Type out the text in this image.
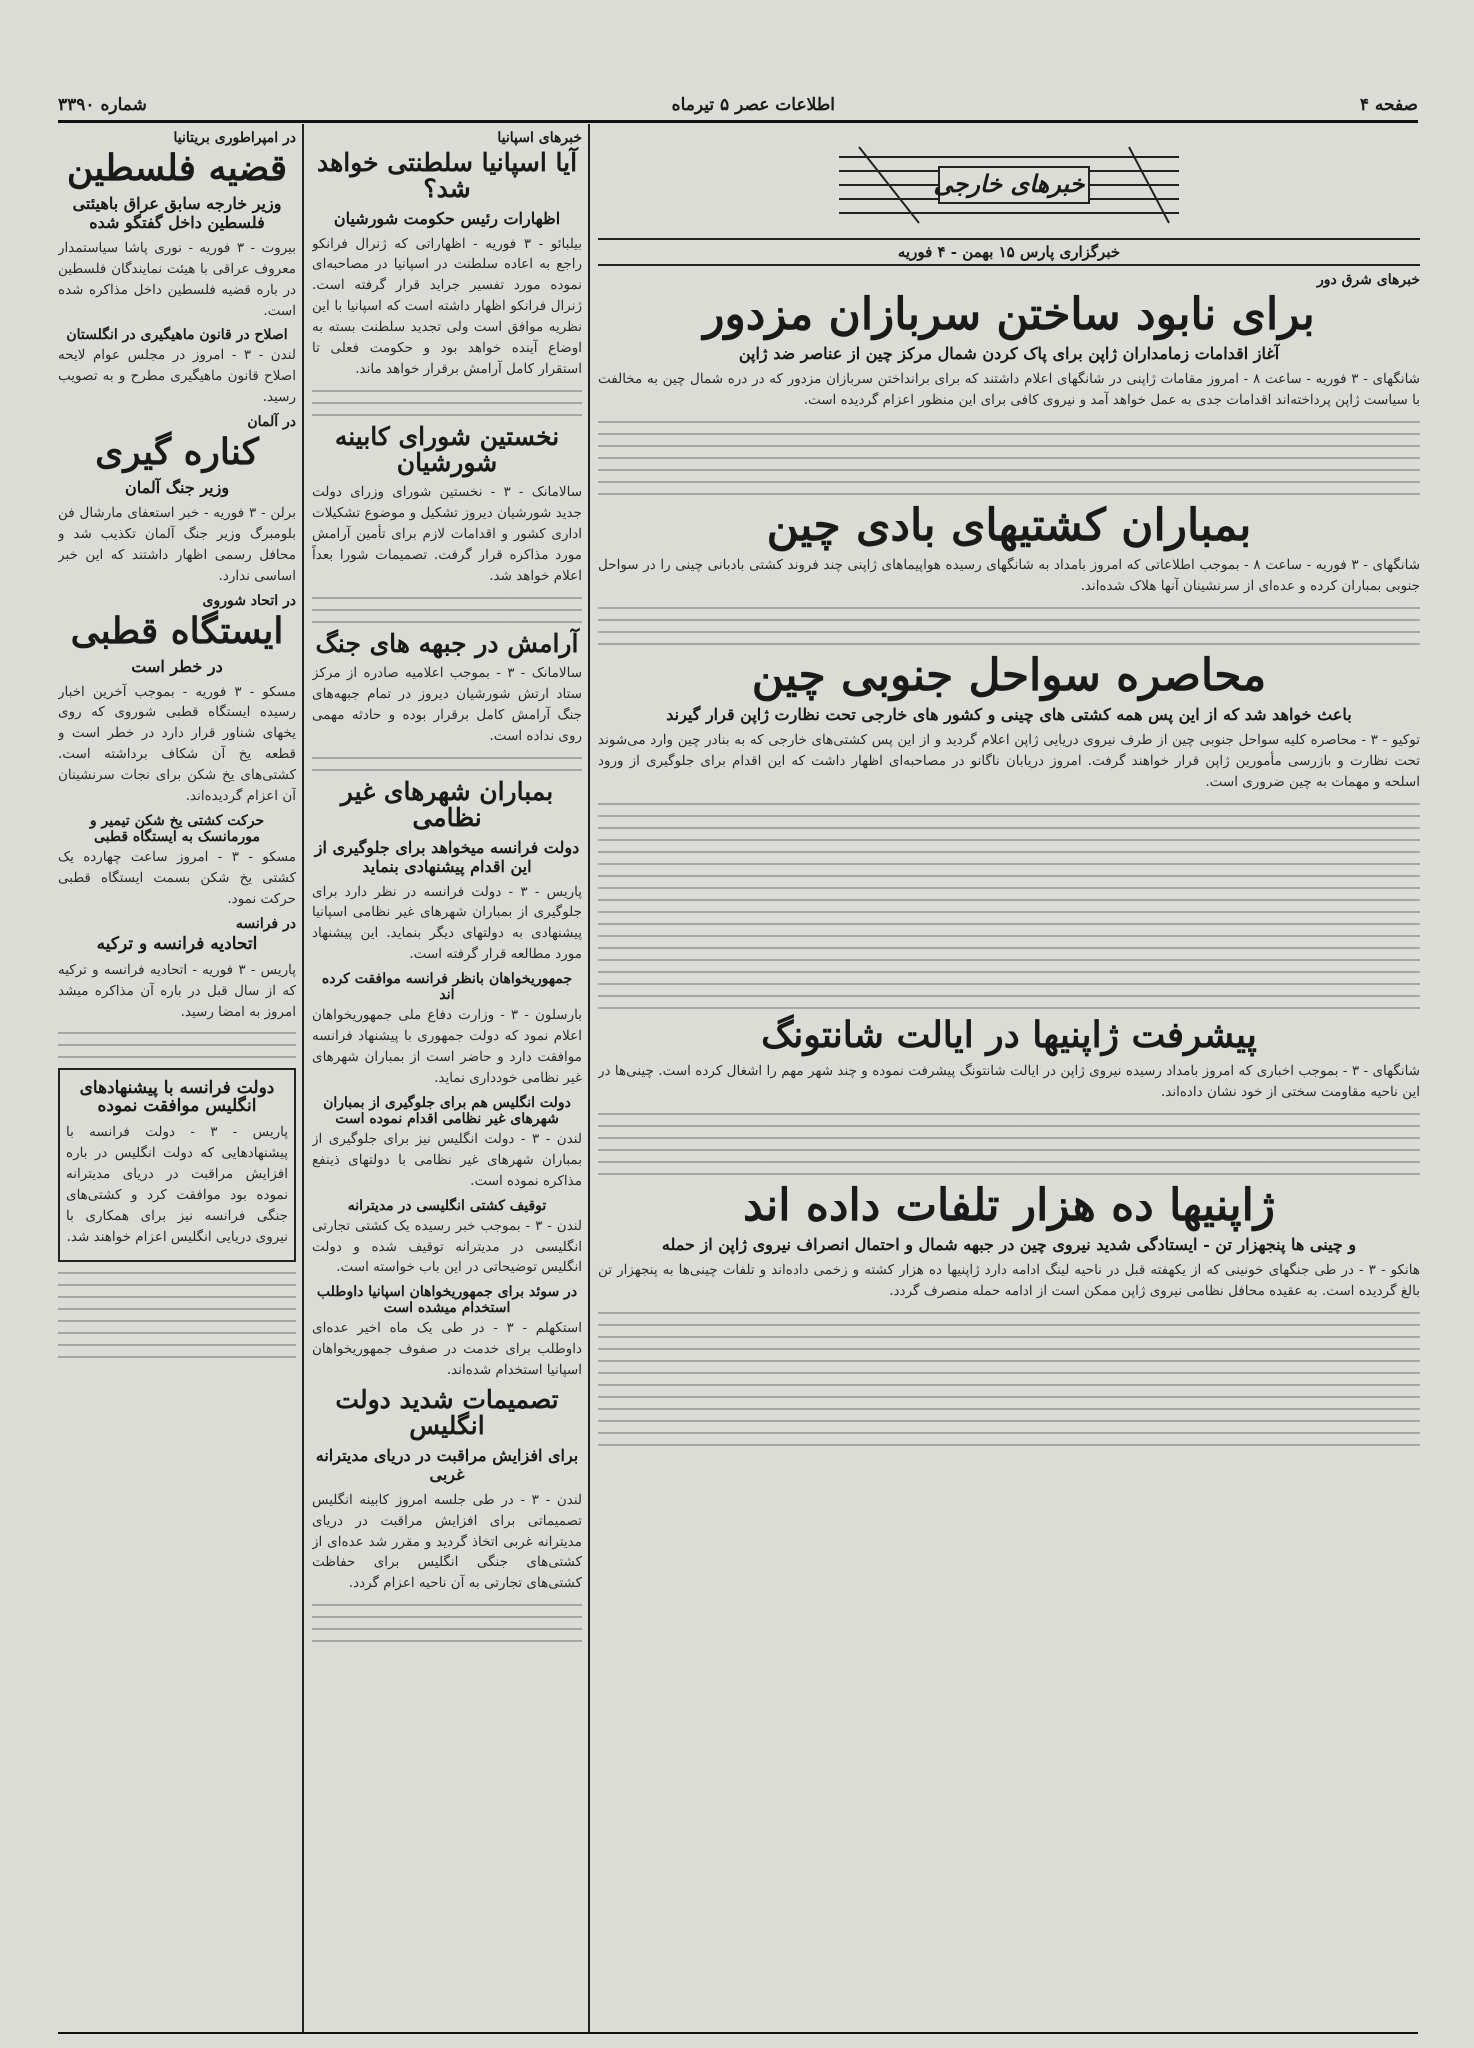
صفحه ۴
اطلاعات عصر ۵ تیرماه
شماره ۳۳۹۰
خبرهای خارجی
خبرگزاری پارس ۱۵ بهمن - ۴ فوریه
خبرهای شرق دور
برای نابود ساختن سربازان مزدور
آغاز اقدامات زمامداران ژاپن برای پاک کردن شمال مرکز چین از عناصر ضد ژاپن

شانگهای - ۳ فوریه - ساعت ۸ - امروز مقامات ژاپنی در شانگهای اعلام داشتند که برای برانداختن سربازان مزدور که در دره شمال چین به مخالفت با سیاست ژاپن پرداخته‌اند اقدامات جدی به عمل خواهد آمد و نیروی کافی برای این منظور اعزام گردیده است.

بمباران کشتیهای بادی چین

شانگهای - ۳ فوریه - ساعت ۸ - بموجب اطلاعاتی که امروز بامداد به شانگهای رسیده هواپیماهای ژاپنی چند فروند کشتی بادبانی چینی را در سواحل جنوبی بمباران کرده و عده‌ای از سرنشینان آنها هلاک شده‌اند.

محاصره سواحل جنوبی چین
باعث خواهد شد که از این پس همه کشتی های چینی و کشور های خارجی تحت نظارت ژاپن قرار گیرند

توکیو - ۳ - محاصره کلیه سواحل جنوبی چین از طرف نیروی دریایی ژاپن اعلام گردید و از این پس کشتی‌های خارجی که به بنادر چین وارد می‌شوند تحت نظارت و بازرسی مأمورین ژاپن قرار خواهند گرفت. امروز دریابان ناگانو در مصاحبه‌ای اظهار داشت که این اقدام برای جلوگیری از ورود اسلحه و مهمات به چین ضروری است.

پیشرفت ژاپنیها در ایالت شانتونگ

شانگهای - ۳ - بموجب اخباری که امروز بامداد رسیده نیروی ژاپن در ایالت شانتونگ پیشرفت نموده و چند شهر مهم را اشغال کرده است. چینی‌ها در این ناحیه مقاومت سختی از خود نشان داده‌اند.

ژاپنیها ده هزار تلفات داده اند
و چینی ها پنجهزار تن - ایستادگی شدید نیروی چین در جبهه شمال و احتمال انصراف نیروی ژاپن از حمله

هانکو - ۳ - در طی جنگهای خونینی که از یکهفته قبل در ناحیه لینگ ادامه دارد ژاپنیها ده هزار کشته و زخمی داده‌اند و تلفات چینی‌ها به پنجهزار تن بالغ گردیده است. به عقیده محافل نظامی نیروی ژاپن ممکن است از ادامه حمله منصرف گردد.

خبرهای اسپانیا
آیا اسپانیا سلطنتی خواهد شد؟
اظهارات رئیس حکومت شورشیان

بیلبائو - ۳ فوریه - اظهاراتی که ژنرال فرانکو راجع به اعاده سلطنت در اسپانیا در مصاحبه‌ای نموده مورد تفسیر جراید قرار گرفته است. ژنرال فرانکو اظهار داشته است که اسپانیا با این نظریه موافق است ولی تجدید سلطنت بسته به اوضاع آینده خواهد بود و حکومت فعلی تا استقرار کامل آرامش برقرار خواهد ماند.

نخستین شورای کابینه شورشیان

سالامانک - ۳ - نخستین شورای وزرای دولت جدید شورشیان دیروز تشکیل و موضوع تشکیلات اداری کشور و اقدامات لازم برای تأمین آرامش مورد مذاکره قرار گرفت. تصمیمات شورا بعداً اعلام خواهد شد.

آرامش در جبهه های جنگ

سالامانک - ۳ - بموجب اعلامیه صادره از مرکز ستاد ارتش شورشیان دیروز در تمام جبهه‌های جنگ آرامش کامل برقرار بوده و حادثه مهمی روی نداده است.

بمباران شهرهای غیر نظامی
دولت فرانسه میخواهد برای جلوگیری از این اقدام پیشنهادی بنماید

پاریس - ۳ - دولت فرانسه در نظر دارد برای جلوگیری از بمباران شهرهای غیر نظامی اسپانیا پیشنهادی به دولتهای دیگر بنماید. این پیشنهاد مورد مطالعه قرار گرفته است.

جمهوریخواهان بانظر فرانسه موافقت کرده اند

بارسلون - ۳ - وزارت دفاع ملی جمهوریخواهان اعلام نمود که دولت جمهوری با پیشنهاد فرانسه موافقت دارد و حاضر است از بمباران شهرهای غیر نظامی خودداری نماید.

دولت انگلیس هم برای جلوگیری از بمباران شهرهای غیر نظامی اقدام نموده است

لندن - ۳ - دولت انگلیس نیز برای جلوگیری از بمباران شهرهای غیر نظامی با دولتهای ذینفع مذاکره نموده است.

توقیف کشتی انگلیسی در مدیترانه

لندن - ۳ - بموجب خبر رسیده یک کشتی تجارتی انگلیسی در مدیترانه توقیف شده و دولت انگلیس توضیحاتی در این باب خواسته است.

در سوئد برای جمهوریخواهان اسپانیا داوطلب استخدام میشده است

استکهلم - ۳ - در طی یک ماه اخیر عده‌ای داوطلب برای خدمت در صفوف جمهوریخواهان اسپانیا استخدام شده‌اند.

تصمیمات شدید دولت انگلیس
برای افزایش مراقبت در دریای مدیترانه غربی

لندن - ۳ - در طی جلسه امروز کابینه انگلیس تصمیماتی برای افزایش مراقبت در دریای مدیترانه غربی اتخاذ گردید و مقرر شد عده‌ای از کشتی‌های جنگی انگلیس برای حفاظت کشتی‌های تجارتی به آن ناحیه اعزام گردد.

در امپراطوری بریتانیا
قضیه فلسطین
وزیر خارجه سابق عراق باهیئتی فلسطین داخل گفتگو شده

بیروت - ۳ فوریه - نوری پاشا سیاستمدار معروف عراقی با هیئت نمایندگان فلسطین در باره قضیه فلسطین داخل مذاکره شده است.

اصلاح در قانون ماهیگیری در انگلستان

لندن - ۳ - امروز در مجلس عوام لایحه اصلاح قانون ماهیگیری مطرح و به تصویب رسید.

در آلمان
کناره گیری
وزیر جنگ آلمان

برلن - ۳ فوریه - خبر استعفای مارشال فن بلومبرگ وزیر جنگ آلمان تکذیب شد و محافل رسمی اظهار داشتند که این خبر اساسی ندارد.

در اتحاد شوروی
ایستگاه قطبی
در خطر است

مسکو - ۳ فوریه - بموجب آخرین اخبار رسیده ایستگاه قطبی شوروی که روی یخهای شناور قرار دارد در خطر است و قطعه یخ آن شکاف برداشته است. کشتی‌های یخ شکن برای نجات سرنشینان آن اعزام گردیده‌اند.

حرکت کشتی یخ شکن تیمیر و مورمانسک به ایستگاه قطبی

مسکو - ۳ - امروز ساعت چهارده یک کشتی یخ شکن بسمت ایستگاه قطبی حرکت نمود.

در فرانسه
اتحادیه فرانسه و ترکیه

پاریس - ۳ فوریه - اتحادیه فرانسه و ترکیه که از سال قبل در باره آن مذاکره میشد امروز به امضا رسید.

دولت فرانسه با پیشنهادهای انگلیس موافقت نموده

پاریس - ۳ - دولت فرانسه با پیشنهادهایی که دولت انگلیس در باره افزایش مراقبت در دریای مدیترانه نموده بود موافقت کرد و کشتی‌های جنگی فرانسه نیز برای همکاری با نیروی دریایی انگلیس اعزام خواهند شد.
